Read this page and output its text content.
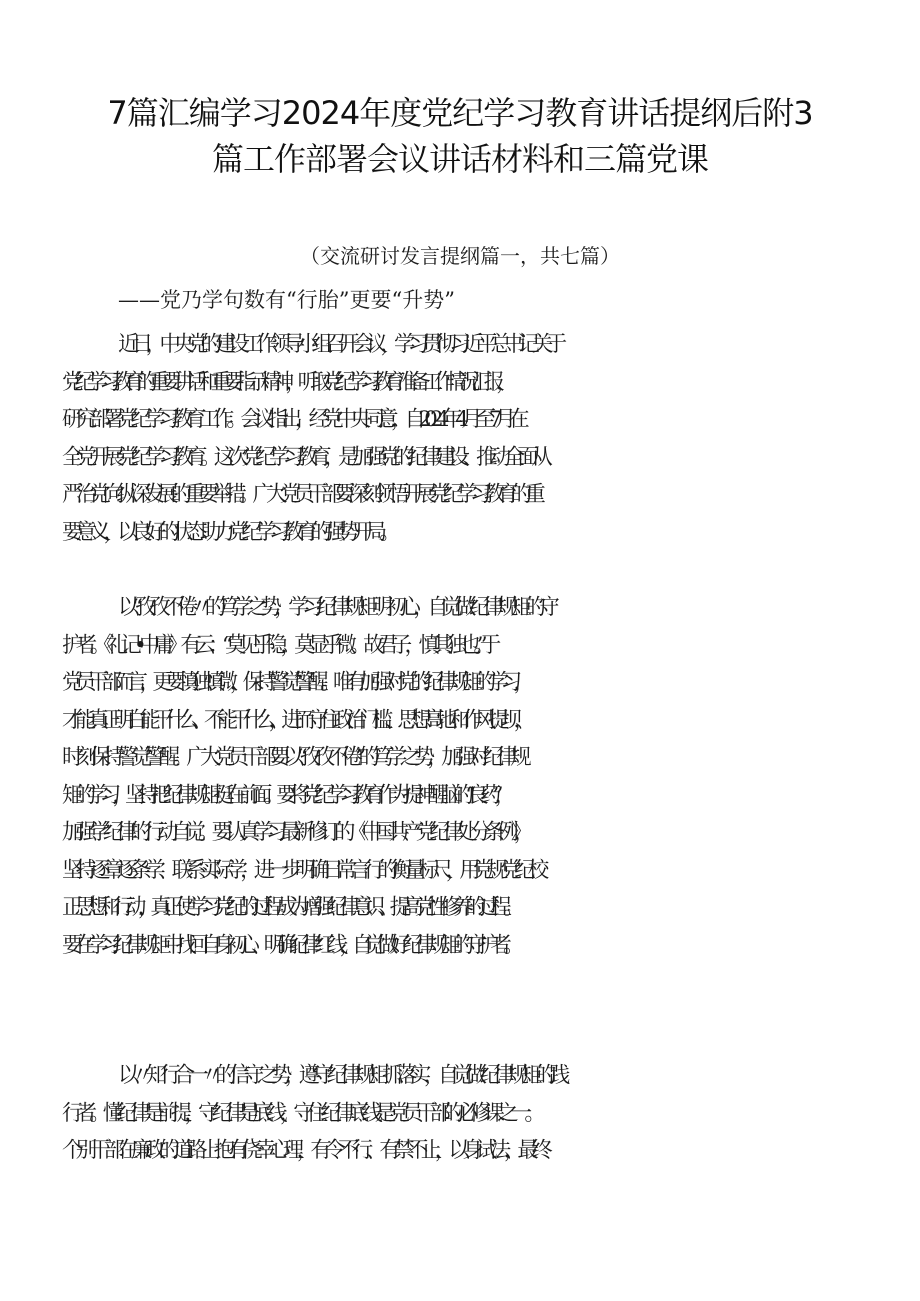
7篇汇编学习2024年度党纪学习教育讲话提纲后附3
篇工作部署会议讲话材料和三篇党课

（交流研讨发言提纲篇一，共七篇）

——党乃学句数有“行胎”更要“升势”

近日，中央党的建设工作领导小组召开会议，学习贯彻习近平总书记关于
党纪学习教育的重要讲话和重要指示精神，听取党纪学习教育准备工作情况汇报，
研究部署党纪学习教育工作。会议指出，经党中央同意，自2024年4月至7月在
全党开展党纪学习教育。这次党纪学习教育，是加强党的纪律建设、推动全面从
严治党向纵深发展的重要举措。广大党员干部要深刻领悟开展党纪学习教育的重
要意义，以良好的状态助力党纪学习教育的强势开局。
以“孜孜不倦〃的笃学之势，学习纪律规矩明初心，自觉做纪律规矩的守
护者。《礼记•中庸》有云：“莫见乎隐，莫显乎微。故君子，慎其独也。”于
党员干部而言，更要慎独慎微，保持警觉警醒。唯有加强对党的纪律规矩的学习，
才能真正明白能干什么、不能干什么，进而守住政治门槛、思想高地和作风提坝，
时刻保持警觉警醒。广大党员干部要以“孜孜不倦”的笃学之势，加强对纪律规
矩的学习，坚持把纪律规矩挺在前面。要将党纪学习教育作为提神醒脑的“良药”，
加强学纪律的行动自觉。要认真学习最新修订的《中国共产党纪律处分条例》，
坚持逐章逐条学、联系实际学，进一步明确日常言行的衡量标尺，用党规党纪校
正思想和行动，真正使学习党纪的过程成为增强纪律意识、提高党性修养的过程。
要在学习纪律规矩中找回自身初心、明确纪律红线，自觉做好纪律规矩的守护者。
以〃知行合一〃的信守之势，遵守纪律规矩抓落实，自觉做纪律规矩的践
行者。懂纪律是前提，守纪律是底线，守住纪律底线是党员干部的必修课之一。
个别干部在廉政的道路上抱有侥幸心理，有令不行、有禁不止，以身试法，最终
